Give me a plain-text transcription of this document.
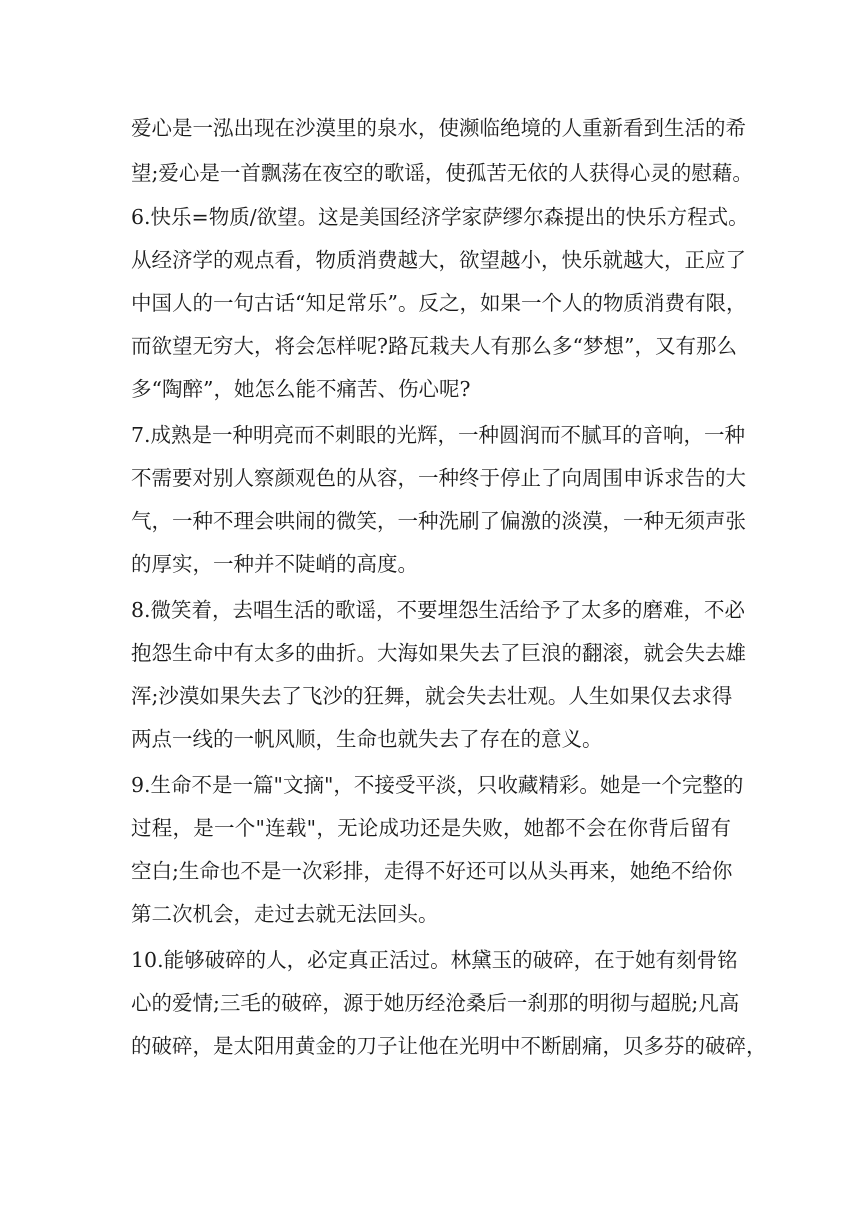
爱心是一泓出现在沙漠里的泉水，使濒临绝境的人重新看到生活的希
望;爱心是一首飘荡在夜空的歌谣，使孤苦无依的人获得心灵的慰藉。
6.快乐=物质/欲望。这是美国经济学家萨缪尔森提出的快乐方程式。
从经济学的观点看，物质消费越大，欲望越小，快乐就越大，正应了
中国人的一句古话“知足常乐”。反之，如果一个人的物质消费有限，
而欲望无穷大，将会怎样呢?路瓦栽夫人有那么多“梦想”，又有那么
多“陶醉”，她怎么能不痛苦、伤心呢?
7.成熟是一种明亮而不刺眼的光辉，一种圆润而不腻耳的音响，一种
不需要对别人察颜观色的从容，一种终于停止了向周围申诉求告的大
气，一种不理会哄闹的微笑，一种洗刷了偏激的淡漠，一种无须声张
的厚实，一种并不陡峭的高度。
8.微笑着，去唱生活的歌谣，不要埋怨生活给予了太多的磨难，不必
抱怨生命中有太多的曲折。大海如果失去了巨浪的翻滚，就会失去雄
浑;沙漠如果失去了飞沙的狂舞，就会失去壮观。人生如果仅去求得
两点一线的一帆风顺，生命也就失去了存在的意义。
9.生命不是一篇"文摘"，不接受平淡，只收藏精彩。她是一个完整的
过程，是一个"连载"，无论成功还是失败，她都不会在你背后留有
空白;生命也不是一次彩排，走得不好还可以从头再来，她绝不给你
第二次机会，走过去就无法回头。
10.能够破碎的人，必定真正活过。林黛玉的破碎，在于她有刻骨铭
心的爱情;三毛的破碎，源于她历经沧桑后一刹那的明彻与超脱;凡高
的破碎，是太阳用黄金的刀子让他在光明中不断剧痛，贝多芬的破碎，
